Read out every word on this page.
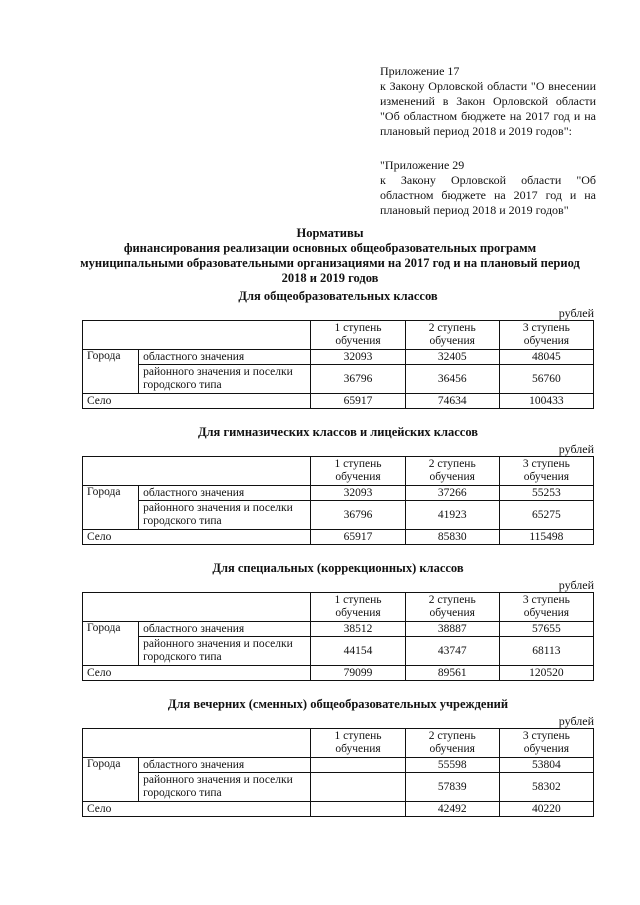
Приложение 17

к Закону Орловской области "О внесении изменений в Закон Орловской области "Об областном бюджете на 2017 год и на плановый период 2018 и 2019 годов":

"Приложение 29

к Закону Орловской области "Об областном бюджете на 2017 год и на плановый период 2018 и 2019 годов"

Нормативы
финансирования реализации основных общеобразовательных программ
муниципальными образовательными организациями на 2017 год и на плановый период
2018 и 2019 годов
Для общеобразовательных классов
рублей
		1 ступень обучения	2 ступень обучения	3 ступень обучения
Города	областного значения	32093	32405	48045
	районного значения и поселки городского типа	36796	36456	56760
Село		65917	74634	100433
Для гимназических классов и лицейских классов
рублей
		1 ступень обучения	2 ступень обучения	3 ступень обучения
Города	областного значения	32093	37266	55253
	районного значения и поселки городского типа	36796	41923	65275
Село		65917	85830	115498
Для специальных (коррекционных) классов
рублей
		1 ступень обучения	2 ступень обучения	3 ступень обучения
Города	областного значения	38512	38887	57655
	районного значения и поселки городского типа	44154	43747	68113
Село		79099	89561	120520
Для вечерних (сменных) общеобразовательных учреждений
рублей
		1 ступень обучения	2 ступень обучения	3 ступень обучения
Города	областного значения		55598	53804
	районного значения и поселки городского типа		57839	58302
Село			42492	40220
